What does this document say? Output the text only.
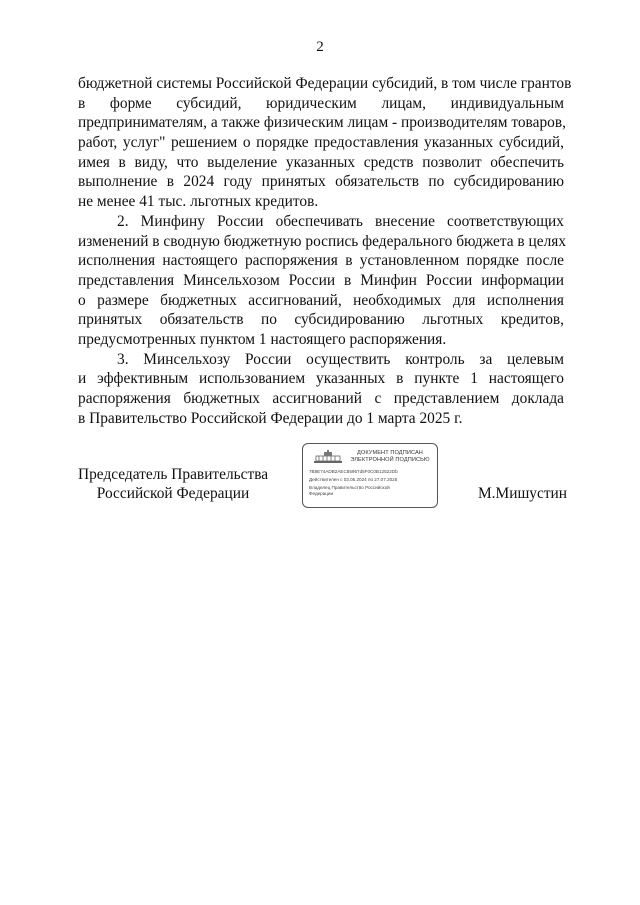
2
бюджетной системы Российской Федерации субсидий, в том числе грантов
в форме субсидий, юридическим лицам, индивидуальным
предпринимателям, а также физическим лицам - производителям товаров,
работ, услуг" решением о порядке предоставления указанных субсидий,
имея в виду, что выделение указанных средств позволит обеспечить
выполнение в 2024 году принятых обязательств по субсидированию
не менее 41 тыс. льготных кредитов.
2. Минфину России обеспечивать внесение соответствующих
изменений в сводную бюджетную роспись федерального бюджета в целях
исполнения настоящего распоряжения в установленном порядке после
представления Минсельхозом России в Минфин России информации
о размере бюджетных ассигнований, необходимых для исполнения
принятых обязательств по субсидированию льготных кредитов,
предусмотренных пунктом 1 настоящего распоряжения.
3. Минсельхозу России осуществить контроль за целевым
и эффективным использованием указанных в пункте 1 настоящего
распоряжения бюджетных ассигнований с представлением доклада
в Правительство Российской Федерации до 1 марта 2025 г.
Председатель Правительства
Российской Федерации
ДОКУМЕНТ ПОДПИСАН
ЭЛЕКТРОННОЙ ПОДПИСЬЮ
7B8E74ADB2AEC85967d5F0C0B12522Db
Действителен с 03.05.2024 по 27.07.2025
Владелец Правительство Российской
Федерации	М.Мишустин
